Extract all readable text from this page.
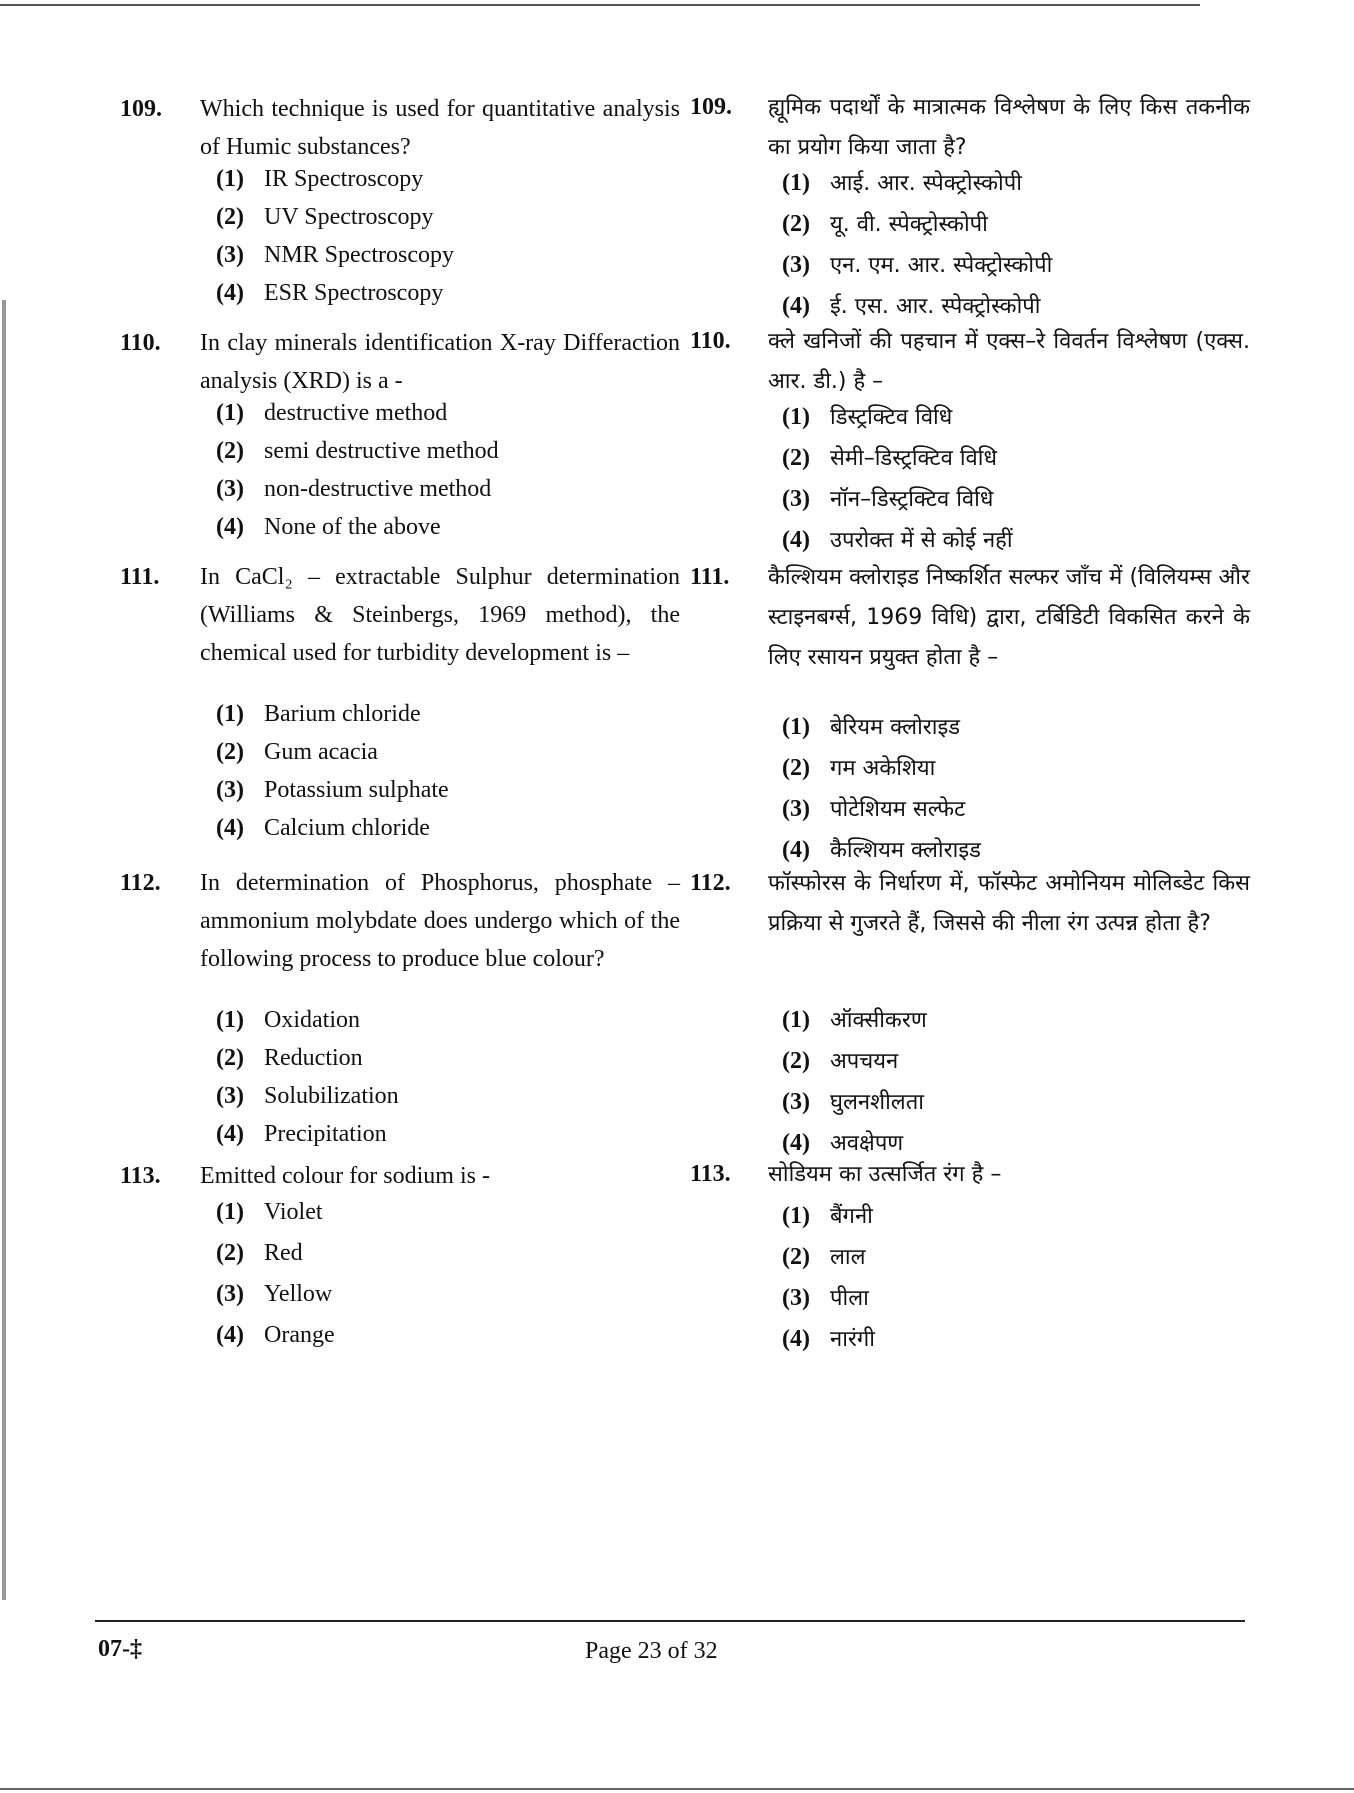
109. Which technique is used for quantitative analysis of Humic substances?
(1) IR Spectroscopy
(2) UV Spectroscopy
(3) NMR Spectroscopy
(4) ESR Spectroscopy
110. In clay minerals identification X-ray Differaction analysis (XRD) is a -
(1) destructive method
(2) semi destructive method
(3) non-destructive method
(4) None of the above
111. In CaCl₂ – extractable Sulphur determination (Williams & Steinbergs, 1969 method), the chemical used for turbidity development is –
(1) Barium chloride
(2) Gum acacia
(3) Potassium sulphate
(4) Calcium chloride
112. In determination of Phosphorus, phosphate – ammonium molybdate does undergo which of the following process to produce blue colour?
(1) Oxidation
(2) Reduction
(3) Solubilization
(4) Precipitation
113. Emitted colour for sodium is -
(1) Violet
(2) Red
(3) Yellow
(4) Orange
109. ह्यूमिक पदार्थों के मात्रात्मक विश्लेषण के लिए किस तकनीक का प्रयोग किया जाता है?
(1) आई. आर. स्पेक्ट्रोस्कोपी
(2) यू. वी. स्पेक्ट्रोस्कोपी
(3) एन. एम. आर. स्पेक्ट्रोस्कोपी
(4) ई. एस. आर. स्पेक्ट्रोस्कोपी
110. क्ले खनिजों की पहचान में एक्स–रे विवर्तन विश्लेषण (एक्स. आर. डी.) है –
(1) डिस्ट्रक्टिव विधि
(2) सेमी–डिस्ट्रक्टिव विधि
(3) नॉन–डिस्ट्रक्टिव विधि
(4) उपरोक्त में से कोई नहीं
111. कैल्शियम क्लोराइड निष्कर्शित सल्फर जाँच में (विलियम्स और स्टाइनबर्ग्स, 1969 विधि) द्वारा, टर्बिडिटी विकसित करने के लिए रसायन प्रयुक्त होता है –
(1) बेरियम क्लोराइड
(2) गम अकेशिया
(3) पोटेशियम सल्फेट
(4) कैल्शियम क्लोराइड
112. फॉस्फोरस के निर्धारण में, फॉस्फेट अमोनियम मोलिब्डेट किस प्रक्रिया से गुजरते हैं, जिससे की नीला रंग उत्पन्न होता है?
(1) ऑक्सीकरण
(2) अपचयन
(3) घुलनशीलता
(4) अवक्षेपण
113. सोडियम का उत्सर्जित रंग है –
(1) बैंगनी
(2) लाल
(3) पीला
(4) नारंगी
07-‡	Page 23 of 32
